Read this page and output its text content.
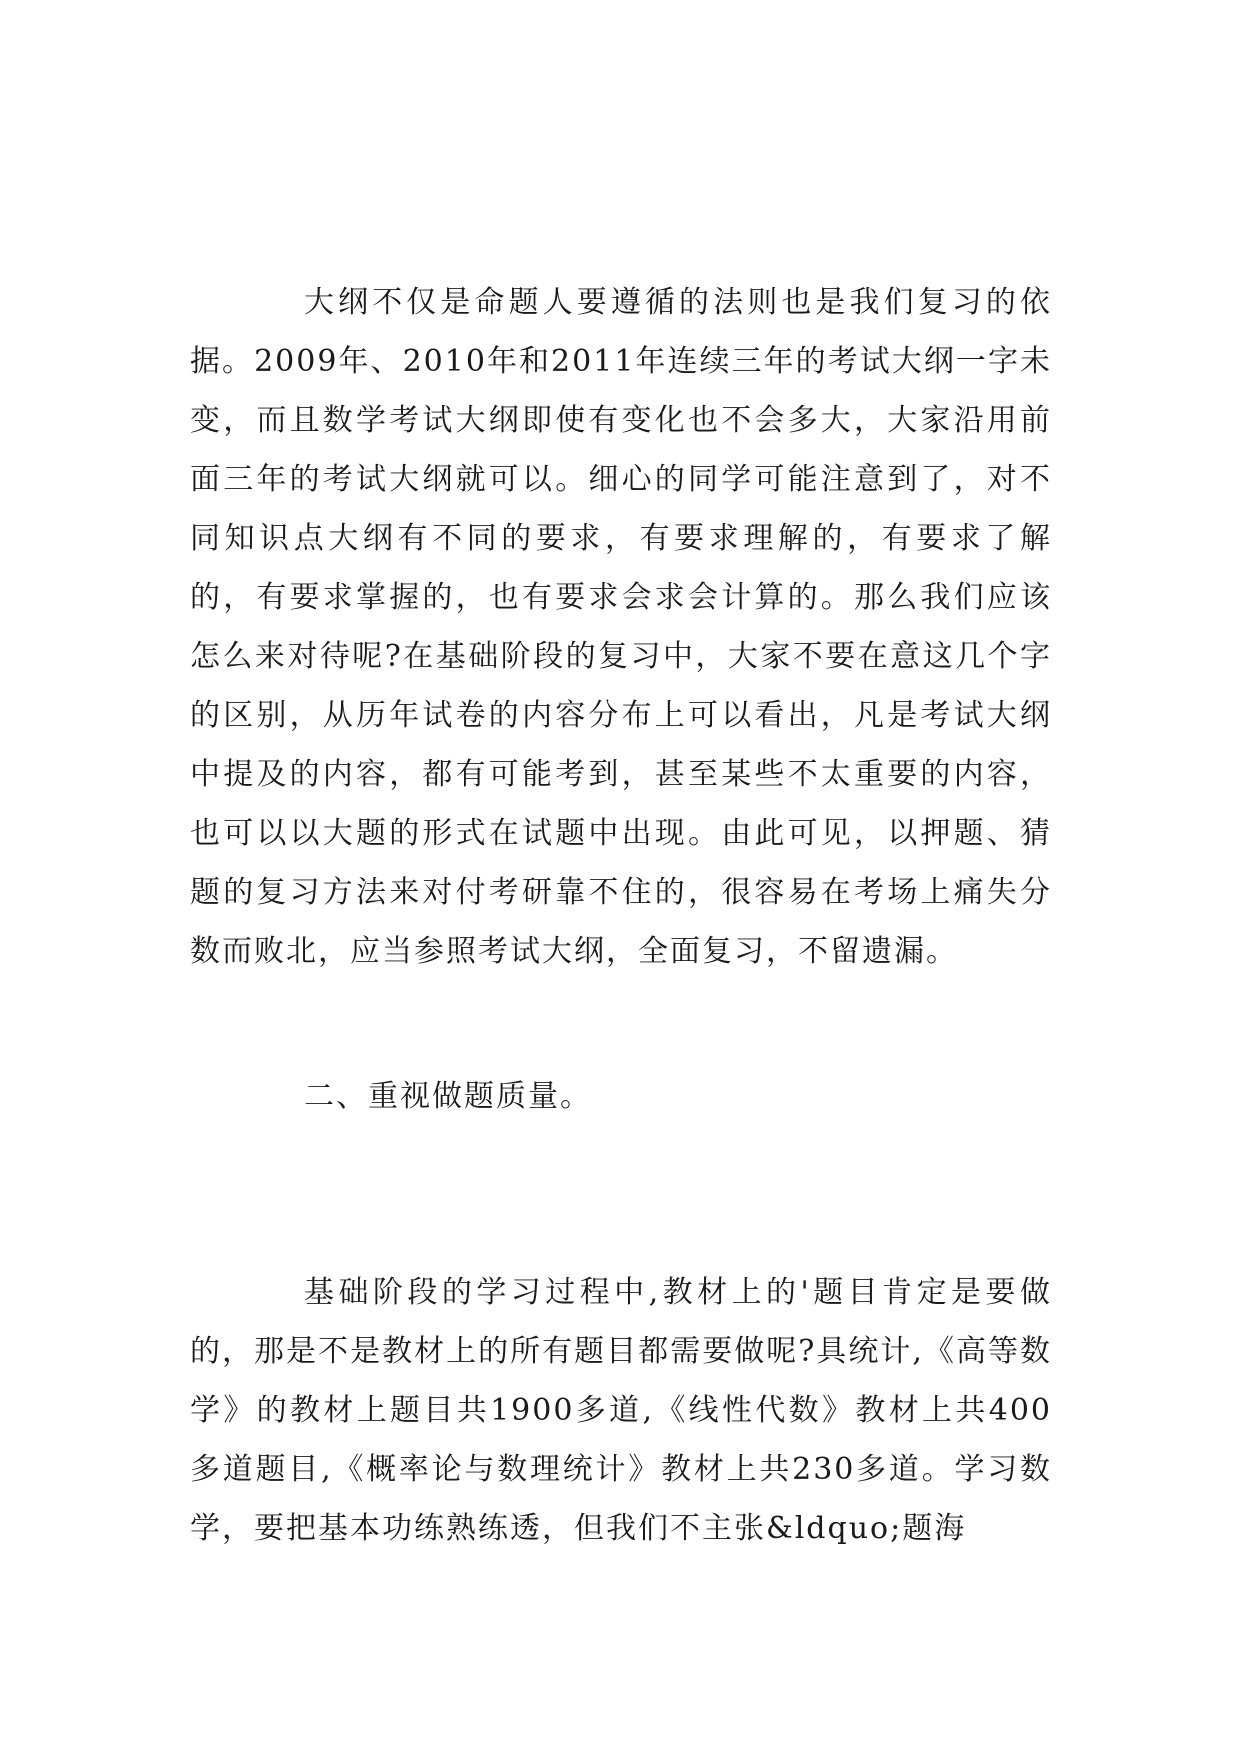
大纲不仅是命题人要遵循的法则也是我们复习的依据。2009年、2010年和2011年连续三年的考试大纲一字未变，而且数学考试大纲即使有变化也不会多大，大家沿用前面三年的考试大纲就可以。细心的同学可能注意到了，对不同知识点大纲有不同的要求，有要求理解的，有要求了解的，有要求掌握的，也有要求会求会计算的。那么我们应该怎么来对待呢?在基础阶段的复习中，大家不要在意这几个字的区别，从历年试卷的内容分布上可以看出，凡是考试大纲中提及的内容，都有可能考到，甚至某些不太重要的内容，也可以以大题的形式在试题中出现。由此可见，以押题、猜题的复习方法来对付考研靠不住的，很容易在考场上痛失分数而败北，应当参照考试大纲，全面复习，不留遗漏。

二、重视做题质量。

基础阶段的学习过程中,教材上的'题目肯定是要做的，那是不是教材上的所有题目都需要做呢?具统计,《高等数学》的教材上题目共1900多道,《线性代数》教材上共400多道题目,《概率论与数理统计》教材上共230多道。学习数学，要把基本功练熟练透，但我们不主张&ldquo;题海
